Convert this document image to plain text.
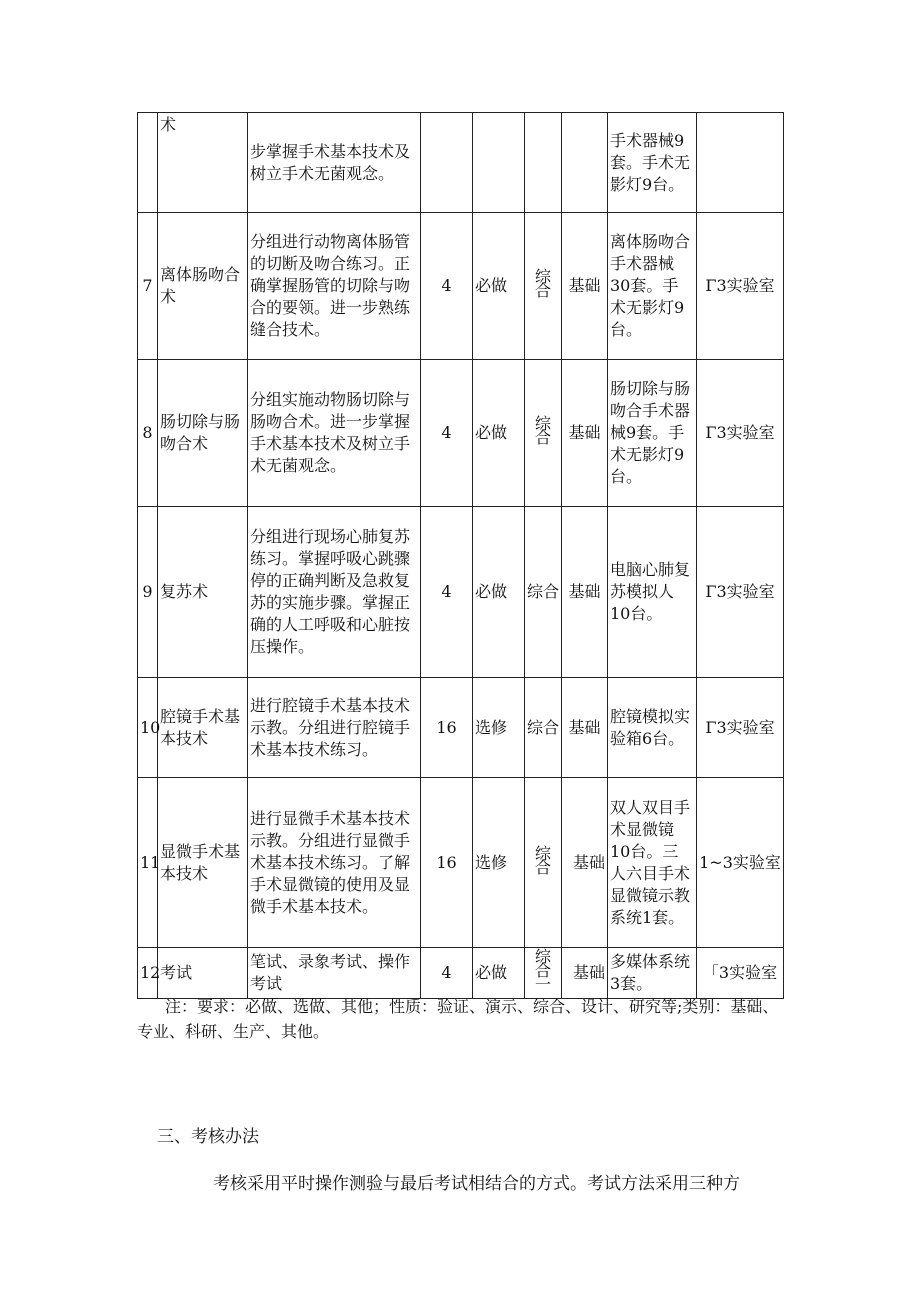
	术	步掌握手术基本技术及树立手术无菌观念。					手术器械9套。手术无影灯9台。	
7	离体肠吻合术	分组进行动物离体肠管的切断及吻合练习。正确掌握肠管的切除与吻合的要领。进一步熟练缝合技术。	4	必做	综合	基础	离体肠吻合手术器械30套。手术无影灯9台。	Γ3实验室
8	肠切除与肠吻合术	分组实施动物肠切除与肠吻合术。进一步掌握手术基本技术及树立手术无菌观念。	4	必做	综合	基础	肠切除与肠吻合手术器械9套。手术无影灯9台。	Γ3实验室
9	复苏术	分组进行现场心肺复苏练习。掌握呼吸心跳骤停的正确判断及急救复苏的实施步骤。掌握正确的人工呼吸和心脏按压操作。	4	必做	综合	基础	电脑心肺复苏模拟人10台。	Γ3实验室
10	腔镜手术基本技术	进行腔镜手术基本技术示教。分组进行腔镜手术基本技术练习。	16	选修	综合	基础	腔镜模拟实验箱6台。	Γ3实验室
11	显微手术基本技术	进行显微手术基本技术示教。分组进行显微手术基本技术练习。了解手术显微镜的使用及显微手术基本技术。	16	选修	综合	基础	双人双目手术显微镜10台。三人六目手术显微镜示教系统1套。	1~3实验室
12	考试	笔试、录象考试、操作考试	4	必做	综合一	基础	多媒体系统3套。	「3实验室
注：要求：必做、选做、其他；性质：验证、演示、综合、设计、研究等;类别：基础、专业、科研、生产、其他。
三、考核办法
考核采用平时操作测验与最后考试相结合的方式。考试方法采用三种方
